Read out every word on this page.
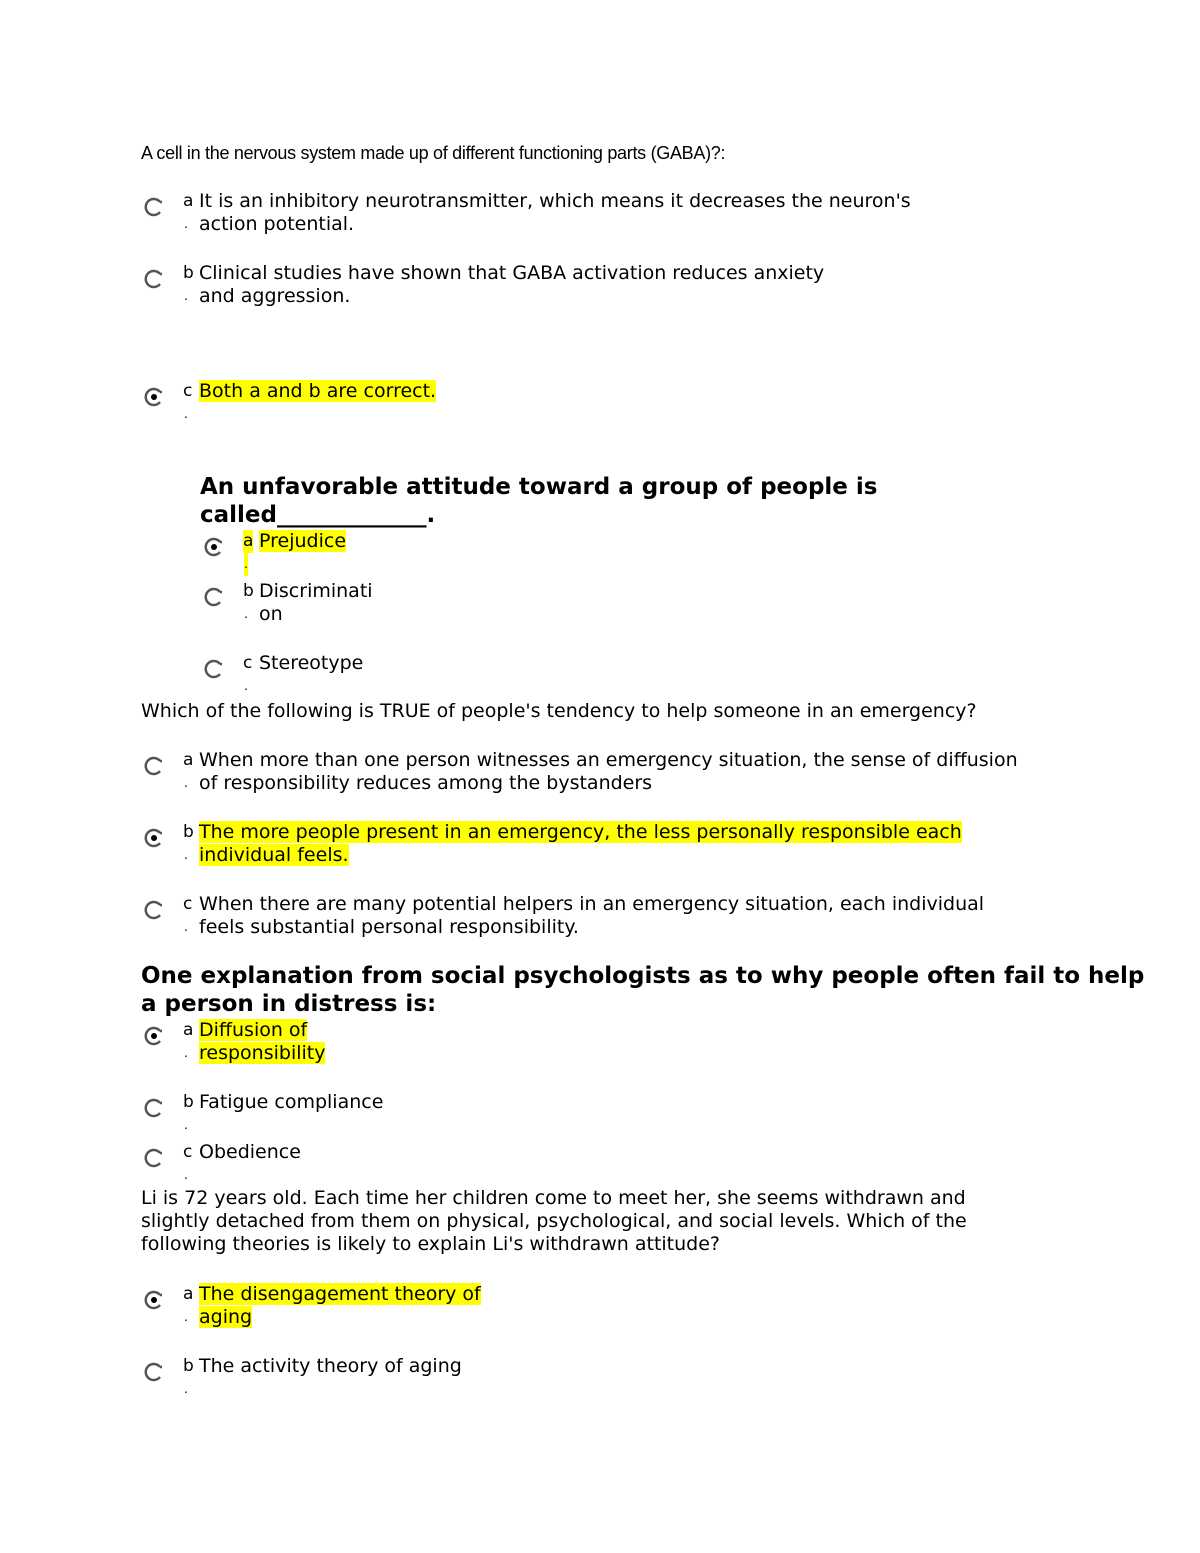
A cell in the nervous system made up of different functioning parts (GABA)?:

a
.
It is an inhibitory neurotransmitter, which means it decreases the neuron's
action potential.
b
.
Clinical studies have shown that GABA activation reduces anxiety
and aggression.
c
.
Both a and b are correct.

An unfavorable attitude toward a group of people is
called_____________.

a
.
Prejudice
b
.
Discriminati
on
c
.
Stereotype

Which of the following is TRUE of people's tendency to help someone in an emergency?

a
.
When more than one person witnesses an emergency situation, the sense of diffusion
of responsibility reduces among the bystanders
b
.
The more people present in an emergency, the less personally responsible each
individual feels.
c
.
When there are many potential helpers in an emergency situation, each individual
feels substantial personal responsibility.

One explanation from social psychologists as to why people often fail to help
a person in distress is:

a
.
Diffusion of
responsibility
b
.
Fatigue compliance
c
.
Obedience

Li is 72 years old. Each time her children come to meet her, she seems withdrawn and
slightly detached from them on physical, psychological, and social levels. Which of the
following theories is likely to explain Li's withdrawn attitude?

a
.
The disengagement theory of
aging
b
.
The activity theory of aging
